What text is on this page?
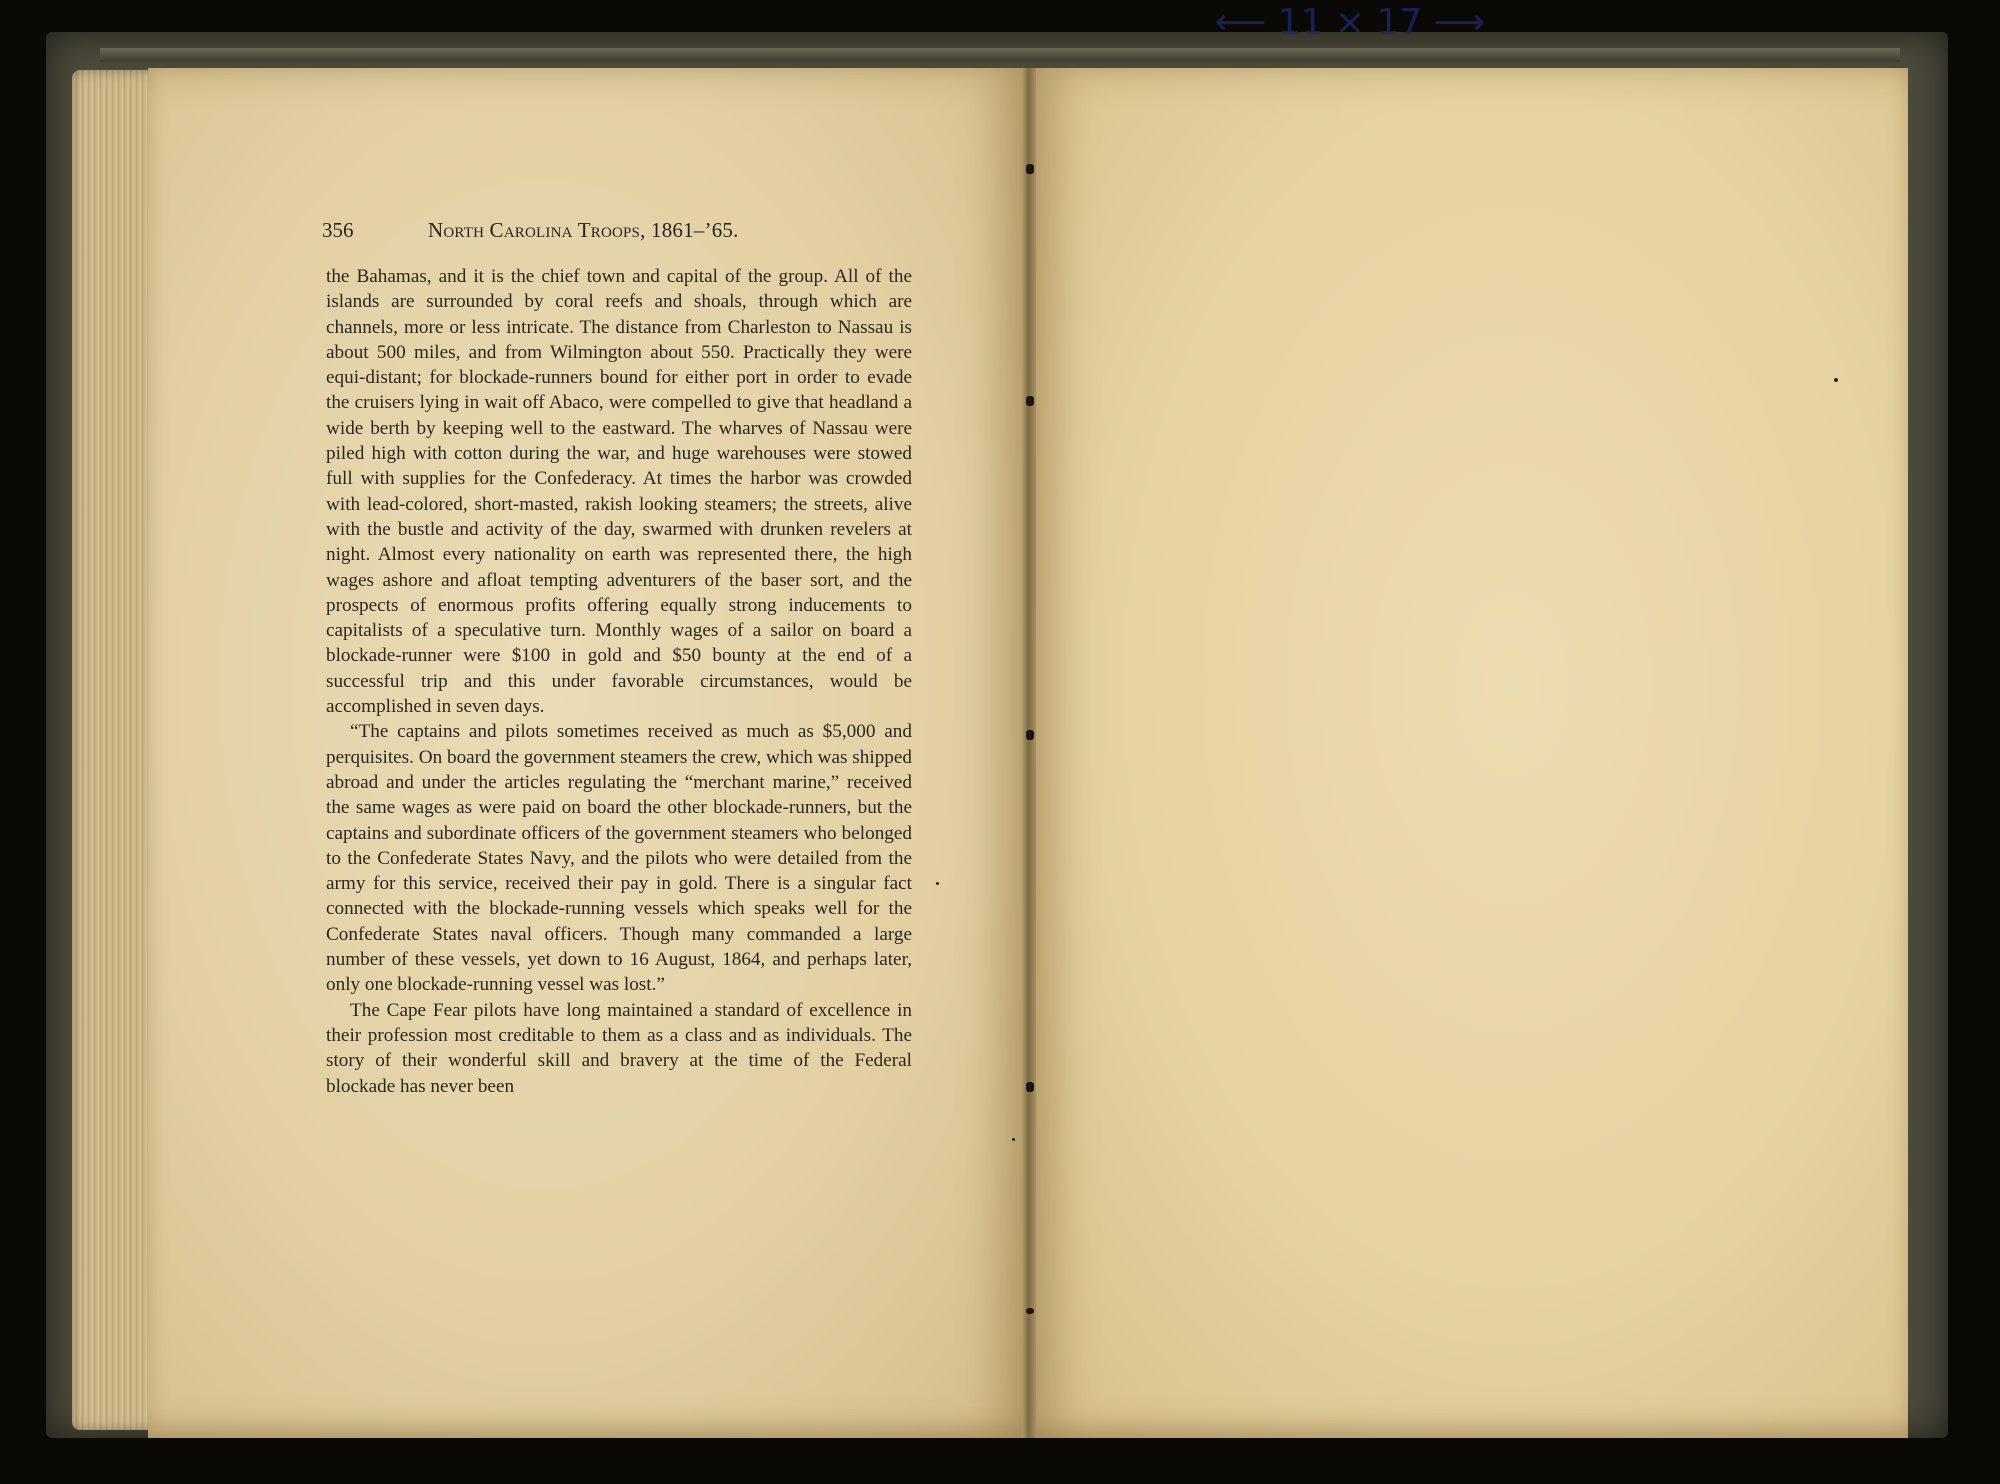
⟵ 11 × 17 ⟶
356	North Carolina Troops, 1861–’65.

the Bahamas, and it is the chief town and capital of the group. All of the islands are surrounded by coral reefs and shoals, through which are channels, more or less intricate. The distance from Charleston to Nassau is about 500 miles, and from Wilmington about 550. Practically they were equi-distant; for blockade-runners bound for either port in order to evade the cruisers lying in wait off Abaco, were compelled to give that headland a wide berth by keeping well to the eastward. The wharves of Nassau were piled high with cotton during the war, and huge warehouses were stowed full with supplies for the Confederacy. At times the harbor was crowded with lead-colored, short-masted, rakish looking steamers; the streets, alive with the bustle and activity of the day, swarmed with drunken revelers at night. Almost every nationality on earth was represented there, the high wages ashore and afloat tempting adventurers of the baser sort, and the prospects of enormous profits offering equally strong inducements to capitalists of a speculative turn. Monthly wages of a sailor on board a blockade-runner were $100 in gold and $50 bounty at the end of a successful trip and this under favorable circumstances, would be accomplished in seven days.

“The captains and pilots sometimes received as much as $5,000 and perquisites. On board the government steamers the crew, which was shipped abroad and under the articles regulating the “merchant marine,” received the same wages as were paid on board the other blockade-runners, but the captains and subordinate officers of the government steamers who belonged to the Confederate States Navy, and the pilots who were detailed from the army for this service, received their pay in gold. There is a singular fact connected with the blockade-running vessels which speaks well for the Confederate States naval officers. Though many commanded a large number of these vessels, yet down to 16 August, 1864, and perhaps later, only one blockade-running vessel was lost.”

The Cape Fear pilots have long maintained a standard of excellence in their profession most creditable to them as a class and as individuals. The story of their wonderful skill and bravery at the time of the Federal blockade has never been
